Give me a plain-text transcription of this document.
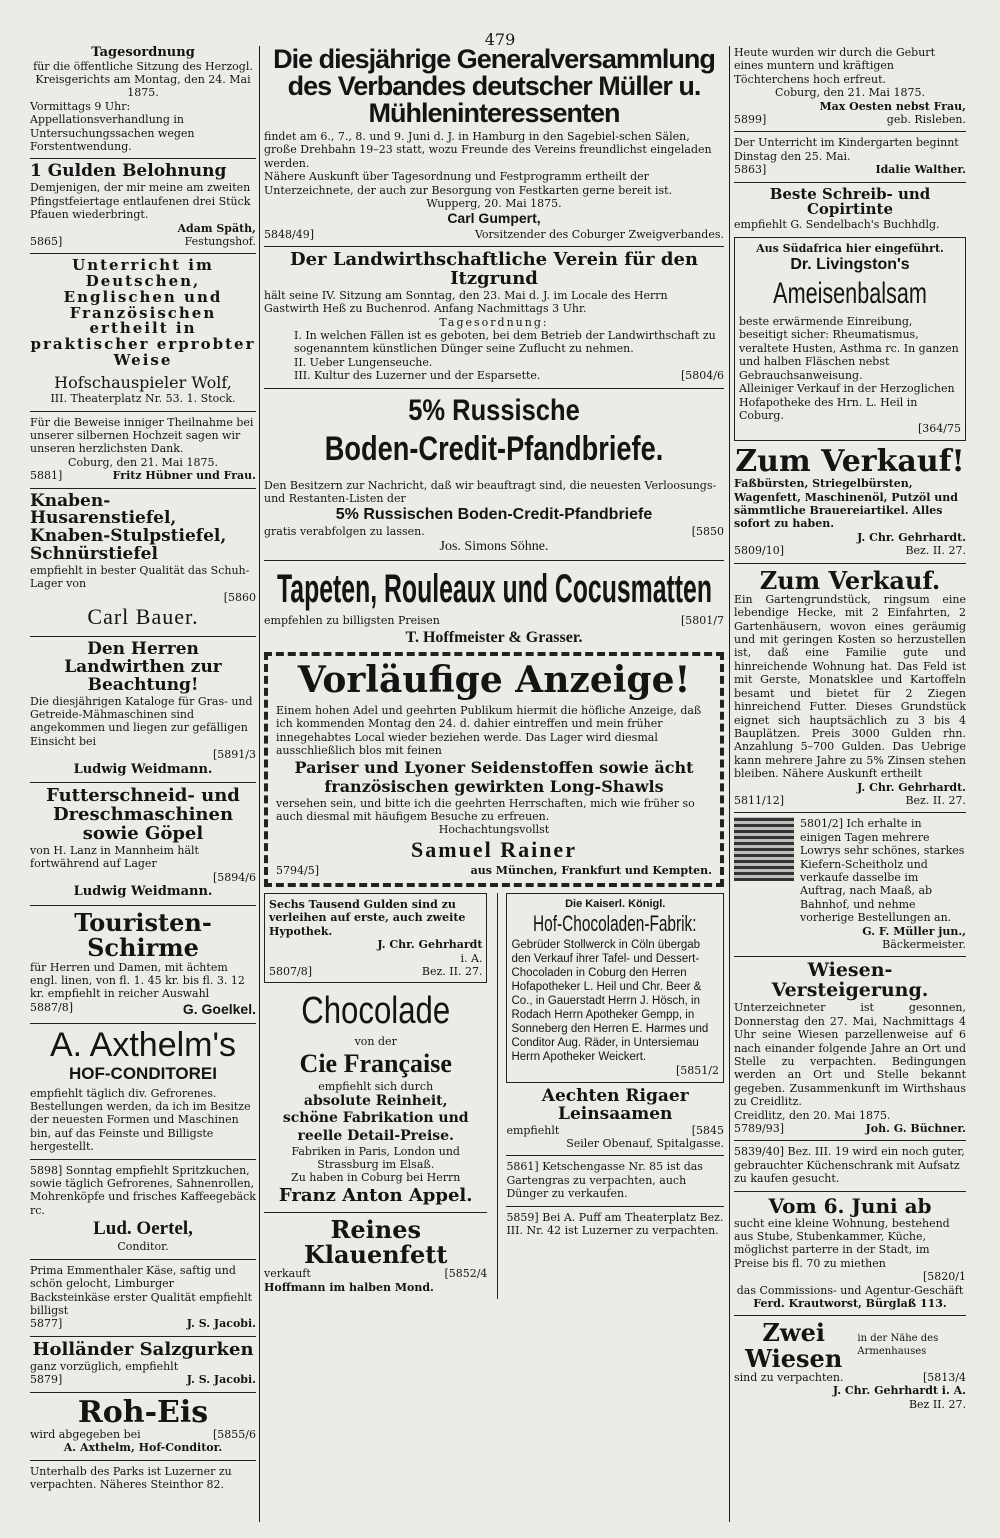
479
Tagesordnung

für die öffentliche Sitzung des Herzogl. Kreisgerichts am Montag, den 24. Mai 1875.

Vormittags 9 Uhr: Appellationsverhandlung in Untersuchungssachen wegen Forstentwendung.

1 Gulden Belohnung

Demjenigen, der mir meine am zweiten Pfingstfeiertage entlaufenen drei Stück Pfauen wiederbringt.

Adam Späth,

5865]	Festungshof.
Unterricht im Deutschen, Englischen und Französischen ertheilt in praktischer erprobter Weise

Hofschauspieler Wolf,

III. Theaterplatz Nr. 53. 1. Stock.

Für die Beweise inniger Theilnahme bei unserer silbernen Hochzeit sagen wir unseren herzlichsten Dank.

Coburg, den 21. Mai 1875.

5881]	Fritz Hübner und Frau.
Knaben-Husarenstiefel, Knaben-Stulpstiefel, Schnürstiefel

empfiehlt in bester Qualität das Schuh-Lager von

[5860

Carl Bauer.

Den Herren Landwirthen zur Beachtung!

Die diesjährigen Kataloge für Gras- und Getreide-Mähmaschinen sind angekommen und liegen zur gefälligen Einsicht bei

[5891/3

Ludwig Weidmann.

Futterschneid- und Dreschmaschinen sowie Göpel

von H. Lanz in Mannheim hält fortwährend auf Lager

[5894/6

Ludwig Weidmann.

Touristen-Schirme

für Herren und Damen, mit ächtem engl. linen, von fl. 1. 45 kr. bis fl. 3. 12 kr. empfiehlt in reicher Auswahl

5887/8]	G. Goelkel.
A. Axthelm's
HOF-CONDITOREI

empfiehlt täglich div. Gefrorenes. Bestellungen werden, da ich im Besitze der neuesten Formen und Maschinen bin, auf das Feinste und Billigste hergestellt.

5898] Sonntag empfiehlt Spritzkuchen, sowie täglich Gefrorenes, Sahnenrollen, Mohrenköpfe und frisches Kaffeegebäck rc.

Lud. Oertel,

Conditor.

Prima Emmenthaler Käse, saftig und schön gelocht, Limburger Backsteinkäse erster Qualität empfiehlt billigst

5877]	J. S. Jacobi.
Holländer Salzgurken

ganz vorzüglich, empfiehlt

5879]	J. S. Jacobi.
Roh-Eis
wird abgegeben bei	[5855/6

A. Axthelm, Hof-Conditor.

Unterhalb des Parks ist Luzerner zu verpachten. Näheres Steinthor 82.

Die diesjährige Generalversammlung des Verbandes deutscher Müller u. Mühleninteressenten

findet am 6., 7., 8. und 9. Juni d. J. in Hamburg in den Sagebiel-schen Sälen, große Drehbahn 19–23 statt, wozu Freunde des Vereins freundlichst eingeladen werden.

Nähere Auskunft über Tagesordnung und Festprogramm ertheilt der Unterzeichnete, der auch zur Besorgung von Festkarten gerne bereit ist.

Wupperg, 20. Mai 1875.

Carl Gumpert,

5848/49]	Vorsitzender des Coburger Zweigverbandes.
Der Landwirthschaftliche Verein für den Itzgrund

hält seine IV. Sitzung am Sonntag, den 23. Mai d. J. im Locale des Herrn Gastwirth Heß zu Buchenrod. Anfang Nachmittags 3 Uhr.

Tagesordnung:

I. In welchen Fällen ist es geboten, bei dem Betrieb der Landwirthschaft zu sogenanntem künstlichen Dünger seine Zuflucht zu nehmen.

II. Ueber Lungenseuche.

III. Kultur des Luzerner und der Esparsette.	[5804/6
5% Russische
Boden-Credit-Pfandbriefe.

Den Besitzern zur Nachricht, daß wir beauftragt sind, die neuesten Verloosungs- und Restanten-Listen der

5% Russischen Boden-Credit-Pfandbriefe

gratis verabfolgen zu lassen.	[5850

Jos. Simons Söhne.

Tapeten, Rouleaux und Cocusmatten
empfehlen zu billigsten Preisen	[5801/7

T. Hoffmeister & Grasser.

Vorläufige Anzeige!

Einem hohen Adel und geehrten Publikum hiermit die höfliche Anzeige, daß ich kommenden Montag den 24. d. dahier eintreffen und mein früher innegehabtes Local wieder beziehen werde. Das Lager wird diesmal ausschließlich blos mit feinen

Pariser und Lyoner Seidenstoffen sowie ächt französischen gewirkten Long-Shawls

versehen sein, und bitte ich die geehrten Herrschaften, mich wie früher so auch diesmal mit häufigem Besuche zu erfreuen.

Hochachtungsvollst

Samuel Rainer

5794/5]	aus München, Frankfurt und Kempten.

Sechs Tausend Gulden sind zu verleihen auf erste, auch zweite Hypothek.

J. Chr. Gehrhardt

i. A.

5807/8]	Bez. II. 27.
Chocolade

von der

Cie Française

empfiehlt sich durch

absolute Reinheit,

schöne Fabrikation und

reelle Detail-Preise.

Fabriken in Paris, London und Strassburg im Elsaß.

Zu haben in Coburg bei Herrn

Franz Anton Appel.

Reines Klauenfett
verkauft	[5852/4

Hoffmann im halben Mond.

Die Kaiserl. Königl.

Hof-Chocoladen-Fabrik:

Gebrüder Stollwerck in Cöln übergab den Verkauf ihrer Tafel- und Dessert-Chocoladen in Coburg den Herren Hofapotheker L. Heil und Chr. Beer & Co., in Gauerstadt Herrn J. Hösch, in Rodach Herrn Apotheker Gempp, in Sonneberg den Herren E. Harmes und Conditor Aug. Räder, in Untersiemau Herrn Apotheker Weickert.

[5851/2

Aechten Rigaer Leinsaamen
empfiehlt	[5845

Seiler Obenauf, Spitalgasse.

5861] Ketschengasse Nr. 85 ist das Gartengras zu verpachten, auch Dünger zu verkaufen.

5859] Bei A. Puff am Theaterplatz Bez. III. Nr. 42 ist Luzerner zu verpachten.

Heute wurden wir durch die Geburt eines muntern und kräftigen Töchterchens hoch erfreut.

Coburg, den 21. Mai 1875.

Max Oesten nebst Frau,

5899]	geb. Risleben.

Der Unterricht im Kindergarten beginnt Dinstag den 25. Mai.

5863]	Idalie Walther.
Beste Schreib- und Copirtinte

empfiehlt G. Sendelbach's Buchhdlg.

Aus Südafrica hier eingeführt.

Dr. Livingston's

Ameisenbalsam

beste erwärmende Einreibung, beseitigt sicher: Rheumatismus, veraltete Husten, Asthma rc. In ganzen und halben Fläschen nebst Gebrauchsanweisung.

Alleiniger Verkauf in der Herzoglichen Hofapotheke des Hrn. L. Heil in Coburg.

[364/75

Zum Verkauf!

Faßbürsten, Striegelbürsten, Wagenfett, Maschinenöl, Putzöl und sämmtliche Brauereiartikel. Alles sofort zu haben.

J. Chr. Gehrhardt.

5809/10]	Bez. II. 27.
Zum Verkauf.

Ein Gartengrundstück, ringsum eine lebendige Hecke, mit 2 Einfahrten, 2 Gartenhäusern, wovon eines geräumig und mit geringen Kosten so herzustellen ist, daß eine Familie gute und hinreichende Wohnung hat. Das Feld ist mit Gerste, Monatsklee und Kartoffeln besamt und bietet für 2 Ziegen hinreichend Futter. Dieses Grundstück eignet sich hauptsächlich zu 3 bis 4 Bauplätzen. Preis 3000 Gulden rhn. Anzahlung 5–700 Gulden. Das Uebrige kann mehrere Jahre zu 5% Zinsen stehen bleiben. Nähere Auskunft ertheilt

J. Chr. Gehrhardt.

5811/12]	Bez. II. 27.

5801/2] Ich erhalte in einigen Tagen mehrere Lowrys sehr schönes, starkes Kiefern-Scheitholz und verkaufe dasselbe im Auftrag, nach Maaß, ab Bahnhof, und nehme vorherige Bestellungen an.

G. F. Müller jun.,

Bäckermeister.

Wiesen-Versteigerung.

Unterzeichneter ist gesonnen, Donnerstag den 27. Mai, Nachmittags 4 Uhr seine Wiesen parzellenweise auf 6 nach einander folgende Jahre an Ort und Stelle zu verpachten. Bedingungen werden an Ort und Stelle bekannt gegeben. Zusammenkunft im Wirthshaus zu Creidlitz.

Creidlitz, den 20. Mai 1875.

5789/93]	Joh. G. Büchner.

5839/40] Bez. III. 19 wird ein noch guter, gebrauchter Küchenschrank mit Aufsatz zu kaufen gesucht.

Vom 6. Juni ab

sucht eine kleine Wohnung, bestehend aus Stube, Stubenkammer, Küche, möglichst parterre in der Stadt, im Preise bis fl. 70 zu miethen

[5820/1

das Commissions- und Agentur-Geschäft

Ferd. Krautworst, Bürglaß 113.

Zwei Wiesen
in der Nähe des Armenhauses
sind zu verpachten.	[5813/4

J. Chr. Gehrhardt i. A.

Bez II. 27.
